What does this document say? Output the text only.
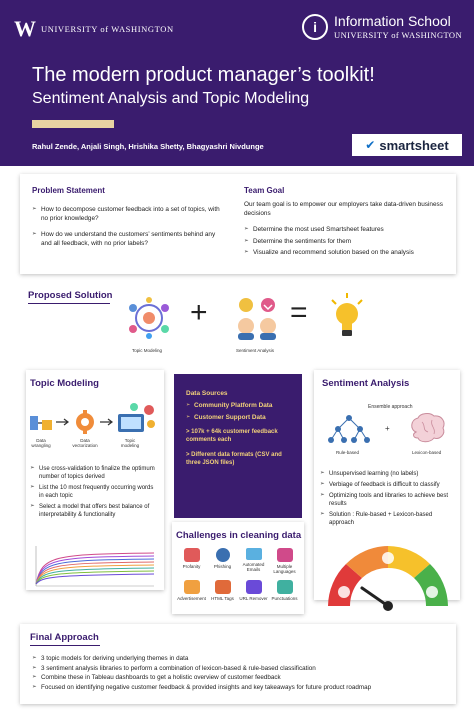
W UNIVERSITY of WASHINGTON	i	Information School
UNIVERSITY of WASHINGTON
The modern product manager’s toolkit!
Sentiment Analysis and Topic Modeling
Rahul Zende, Anjali Singh, Hrishika Shetty, Bhagyashri Nivdunge	✔ smartsheet
Problem Statement
➢ How to decompose customer feedback into a set of topics, with no prior knowledge?
➢ How do we understand the customers’ sentiments behind any and all feedback, with no prior labels?
Team Goal
Our team goal is to empower our employers take data-driven business decisions
➢ Determine the most used Smartsheet features
➢ Determine the sentiments for them
➢ Visualize and recommend solution based on the analysis
Proposed Solution
Topic Modeling
+
Sentiment Analysis
=
Topic Modeling
Data wrangling
Data vectorization
Topic modeling
➢ Use cross-validation to finalize the optimum number of topics derived
➢ List the 10 most frequently occurring words in each topic
➢ Select a model that offers best balance of interpretability & functionality
Data Sources
➢ Community Platform Data
➢ Customer Support Data
> 107k + 64k customer feedback comments each
> Different data formats (CSV and three JSON files)
Challenges in cleaning data
Profanity	Phishing	Automated Emails
Multiple Languages
Advertisement	HTML Tags	URL Remover Punctuations
Sentiment Analysis
Ensemble approach
Rule-based
+
Lexicon-based
➢ Unsupervised learning (no labels)
➢ Verbiage of feedback is difficult to classify
➢ Optimizing tools and libraries to achieve best results
➢ Solution : Rule-based + Lexicon-based approach
Final Approach
➢ 3 topic models for deriving underlying themes in data
➢ 3 sentiment analysis libraries to perform a combination of lexicon-based & rule-based classification
➢ Combine these in Tableau dashboards to get a holistic overview of customer feedback
➢ Focused on identifying negative customer feedback & provided insights and key takeaways for future product roadmap
